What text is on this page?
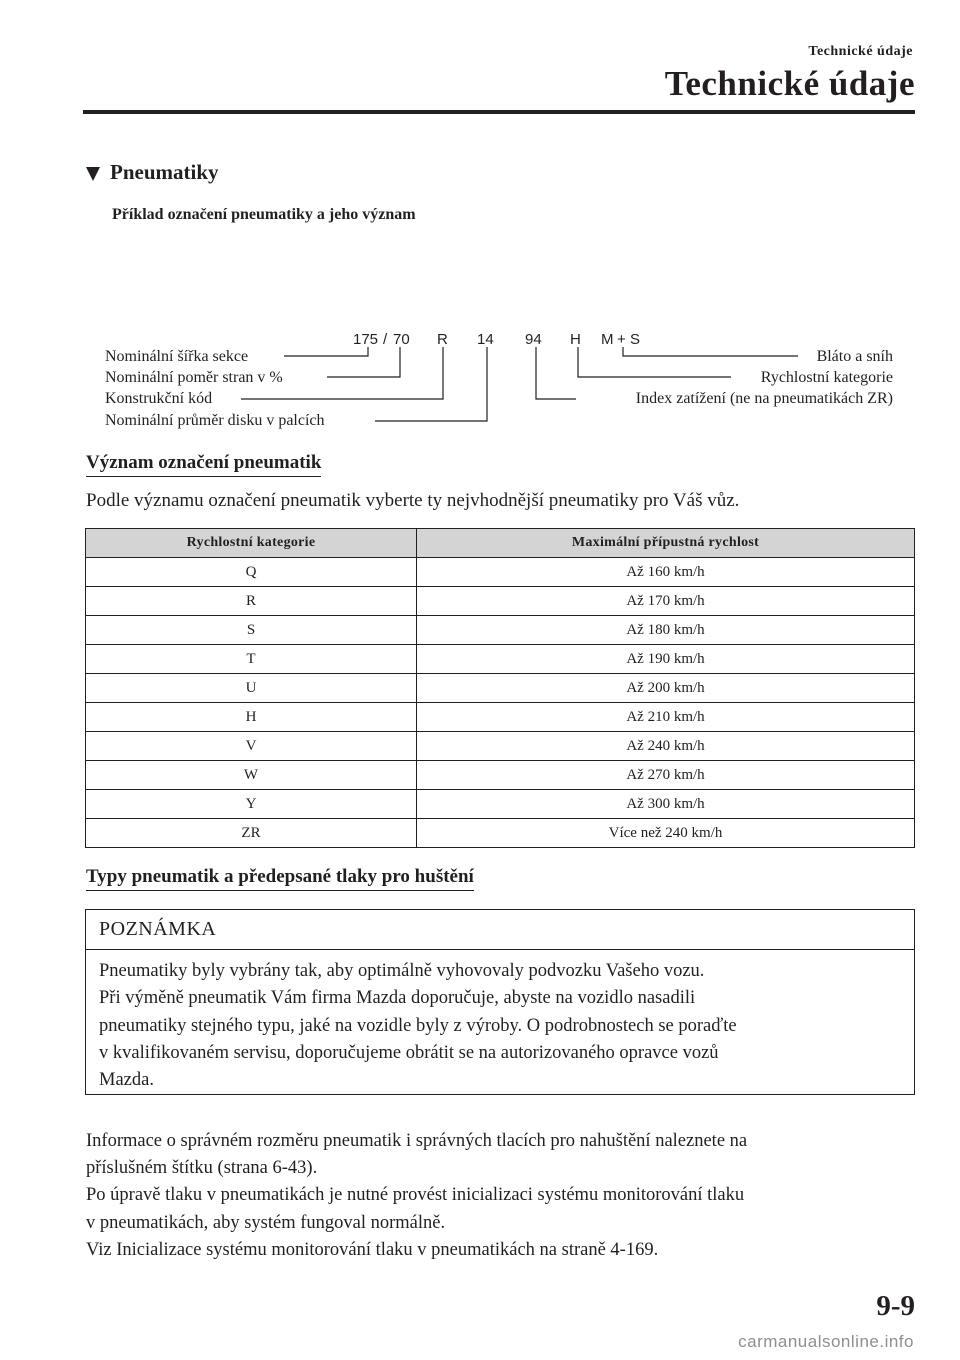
Technické údaje
Technické údaje
Pneumatiky
Příklad označení pneumatiky a jeho význam
175 / 70 R 14 94 H M + S
Nominální šířka sekce
Nominální poměr stran v %
Konstrukční kód
Nominální průměr disku v palcích
Bláto a sníh
Rychlostní kategorie
Index zatížení (ne na pneumatikách ZR)
Význam označení pneumatik
Podle významu označení pneumatik vyberte ty nejvhodnější pneumatiky pro Váš vůz.
Rychlostní kategorie	Maximální přípustná rychlost
Q	Až 160 km/h
R	Až 170 km/h
S	Až 180 km/h
T	Až 190 km/h
U	Až 200 km/h
H	Až 210 km/h
V	Až 240 km/h
W	Až 270 km/h
Y	Až 300 km/h
ZR	Více než 240 km/h
Typy pneumatik a předepsané tlaky pro huštění
POZNÁMKA
Pneumatiky byly vybrány tak, aby optimálně vyhovovaly podvozku Vašeho vozu.
Při výměně pneumatik Vám firma Mazda doporučuje, abyste na vozidlo nasadili
pneumatiky stejného typu, jaké na vozidle byly z výroby. O podrobnostech se poraďte
v kvalifikovaném servisu, doporučujeme obrátit se na autorizovaného opravce vozů
Mazda.
Informace o správném rozměru pneumatik i správných tlacích pro nahuštění naleznete na
příslušném štítku (strana 6-43).
Po úpravě tlaku v pneumatikách je nutné provést inicializaci systému monitorování tlaku
v pneumatikách, aby systém fungoval normálně.
Viz Inicializace systému monitorování tlaku v pneumatikách na straně 4-169.
9-9
carmanualsonline.info
